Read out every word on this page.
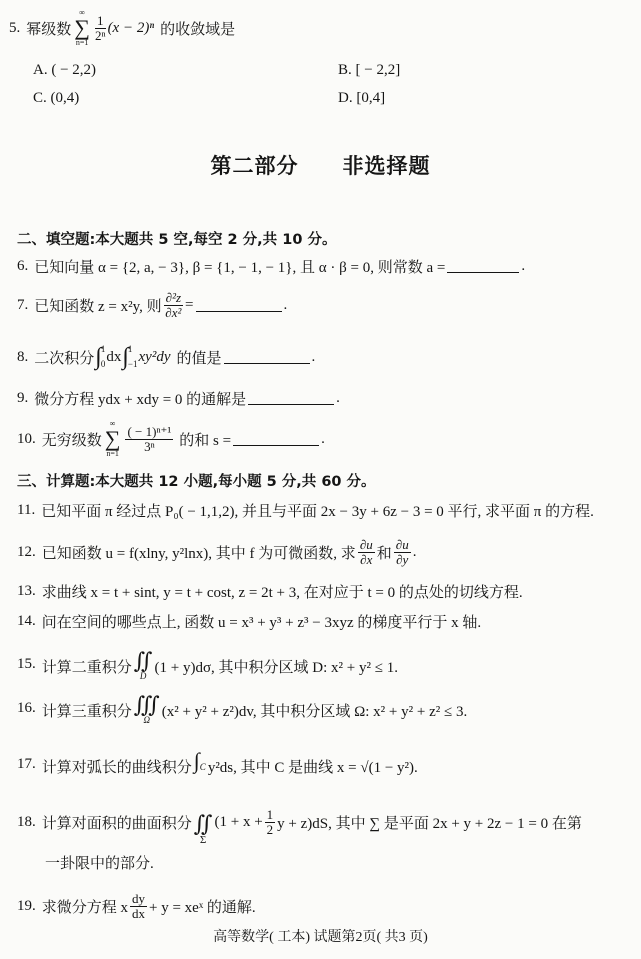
5. 幂级数
∞
∑
n=1
$\frac{1}{\text{2ⁿ}} (x - 2)^n$ 的收敛域是
A. ( − 2,2)	B. [ − 2,2]
C. (0,4)	D. [0,4]
第二部分　　非选择题
二、填空题:本大题共 5 空,每空 2 分,共 10 分。
6. 已知向量 α = {2, a, − 3}, β = {1, − 1, − 1}, 且 α · β = 0, 则常数 a =	.
7. 已知函数 z = x²y, 则 $\frac{\text{∂²z}}{\text{∂x²}}$ =	.
8. 二次积分 ∫ 1
0 dx ∫ 1
−1 xy²dy 的值是	.
9. 微分方程 ydx + xdy = 0 的通解是	.
10. 无穷级数
∞
∑
n=1
$\frac{\text{( − 1)ⁿ⁺¹}}{\text{3ⁿ}}$ 的和 s =	.
三、计算题:本大题共 12 小题,每小题 5 分,共 60 分。
11. 已知平面 π 经过点 P₀( − 1,1,2), 并且与平面 2x − 3y + 6z − 3 = 0 平行, 求平面 π 的方程.
12. 已知函数 u = f(xlny, y²lnx), 其中 f 为可微函数, 求 $\frac{\partial u}{\partial x}$ 和 $\frac{\partial u}{\partial y}$ .
13. 求曲线 x = t + sint, y = t + cost, z = 2t + 3, 在对应于 t = 0 的点处的切线方程.
14. 问在空间的哪些点上, 函数 u = x³ + y³ + z³ − 3xyz 的梯度平行于 x 轴.
15. 计算二重积分 ∬
D (1 + y)dσ, 其中积分区域 D: x² + y² ≤ 1.
16. 计算三重积分 ∭
Ω (x² + y² + z²)dv, 其中积分区域 Ω: x² + y² + z² ≤ 3.
17. 计算对弧长的曲线积分 ∫ C y²ds, 其中 C 是曲线 x = √(1 − y²).
18. 计算对面积的曲面积分 ∬
Σ
($1 + x + \frac{1}{2}$ y + z)dS, 其中 ∑ 是平面 2x + y + 2z − 1 = 0 在第
一卦限中的部分.
19. 求微分方程 x $\frac{dy}{dx} + y$ = xeˣ 的通解.
高等数学( 工本) 试题第2页( 共3 页)
